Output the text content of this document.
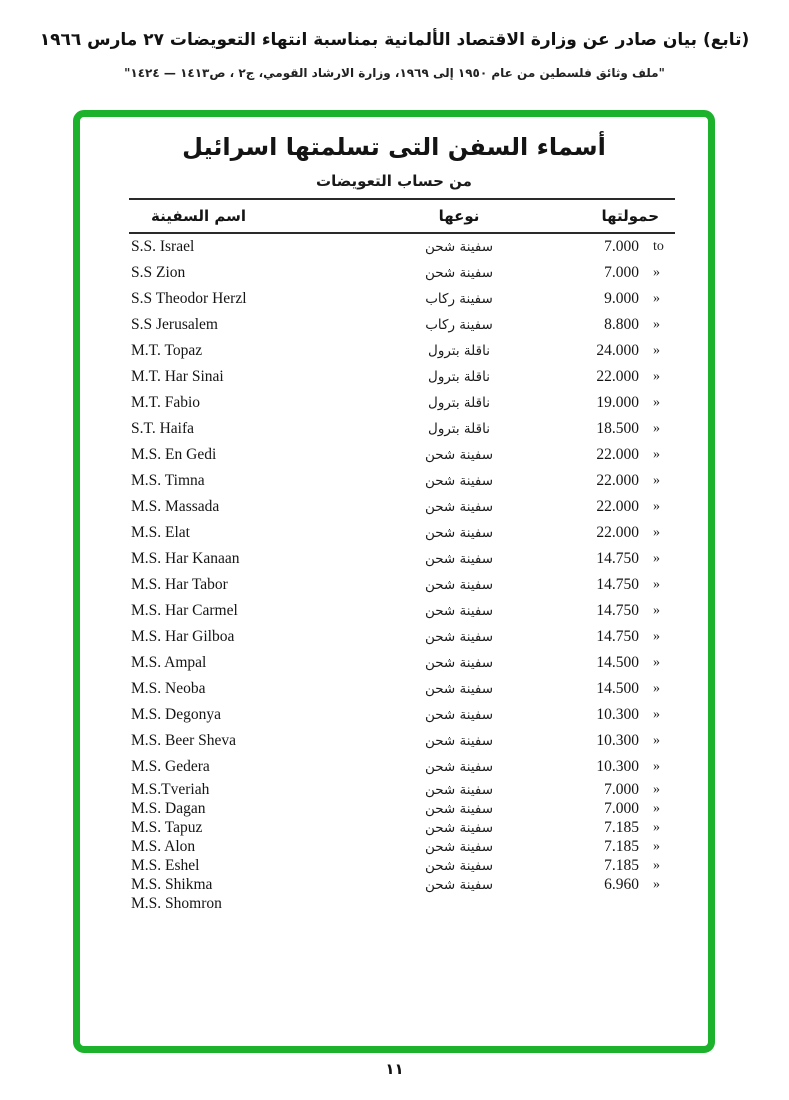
(تابع) بيان صادر عن وزارة الاقتصاد الألمانية بمناسبة انتهاء التعويضات ٢٧ مارس ١٩٦٦
"ملف وثائق فلسطين من عام ١٩٥٠ إلى ١٩٦٩، وزارة الارشاد القومي، ج٢ ، ص١٤١٣ — ١٤٢٤"
أسماء السفن التى تسلمتها اسرائيل
من حساب التعويضات
اسم السفينة	نوعها	حمولتها
S.S. Israel	سفينة شحن	7.000	to
S.S Zion	سفينة شحن	7.000	»
S.S Theodor Herzl	سفينة ركاب	9.000	»
S.S Jerusalem	سفينة ركاب	8.800	»
M.T. Topaz	ناقلة بترول	24.000	»
M.T. Har Sinai	ناقلة بترول	22.000	»
M.T. Fabio	ناقلة بترول	19.000	»
S.T. Haifa	ناقلة بترول	18.500	»
M.S. En Gedi	سفينة شحن	22.000	»
M.S. Timna	سفينة شحن	22.000	»
M.S. Massada	سفينة شحن	22.000	»
M.S. Elat	سفينة شحن	22.000	»
M.S. Har Kanaan	سفينة شحن	14.750	»
M.S. Har Tabor	سفينة شحن	14.750	»
M.S. Har Carmel	سفينة شحن	14.750	»
M.S. Har Gilboa	سفينة شحن	14.750	»
M.S. Ampal	سفينة شحن	14.500	»
M.S. Neoba	سفينة شحن	14.500	»
M.S. Degonya	سفينة شحن	10.300	»
M.S. Beer Sheva	سفينة شحن	10.300	»
M.S. Gedera	سفينة شحن	10.300	»
M.S.Tveriah	سفينة شحن	7.000	»
M.S. Dagan	سفينة شحن	7.000	»
M.S. Tapuz	سفينة شحن	7.185	»
M.S. Alon	سفينة شحن	7.185	»
M.S. Eshel	سفينة شحن	7.185	»
M.S. Shikma	سفينة شحن	6.960	»
M.S. Shomron
١١
